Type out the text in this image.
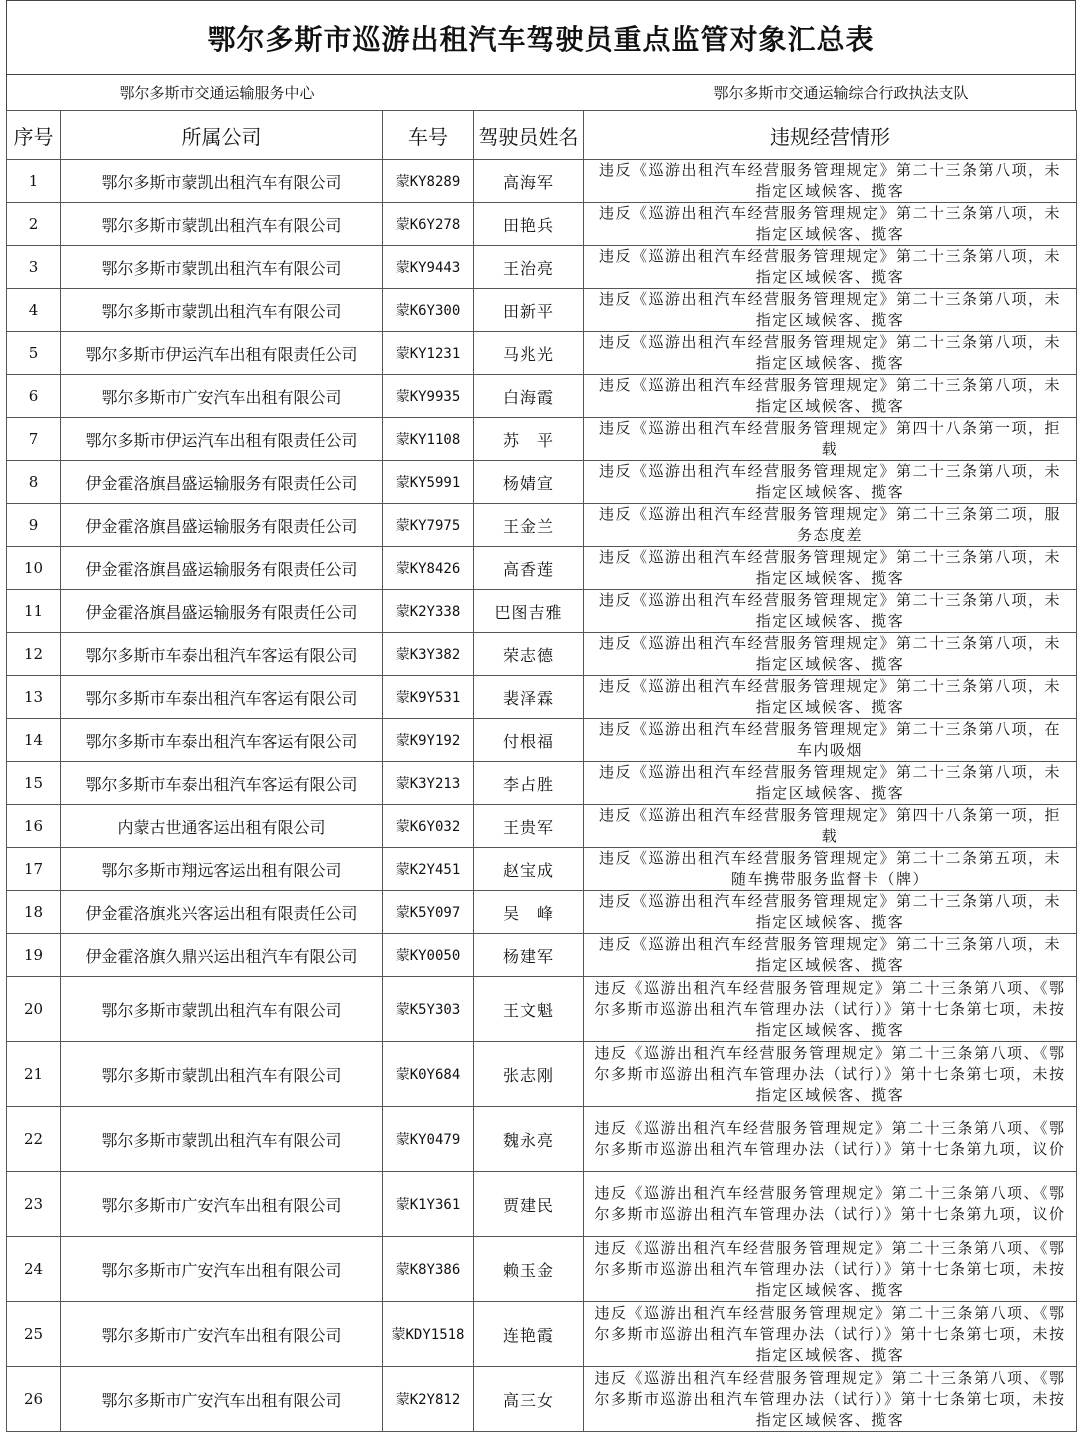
鄂尔多斯市巡游出租汽车驾驶员重点监管对象汇总表
鄂尔多斯市交通运输服务中心	鄂尔多斯市交通运输综合行政执法支队
序号	所属公司	车号	驾驶员姓名	违规经营情形
1	鄂尔多斯市蒙凯出租汽车有限公司	蒙KY8289	高海军	违反《巡游出租汽车经营服务管理规定》第二十三条第八项，未指定区域候客、揽客
2	鄂尔多斯市蒙凯出租汽车有限公司	蒙K6Y278	田艳兵	违反《巡游出租汽车经营服务管理规定》第二十三条第八项，未指定区域候客、揽客
3	鄂尔多斯市蒙凯出租汽车有限公司	蒙KY9443	王治亮	违反《巡游出租汽车经营服务管理规定》第二十三条第八项，未指定区域候客、揽客
4	鄂尔多斯市蒙凯出租汽车有限公司	蒙K6Y300	田新平	违反《巡游出租汽车经营服务管理规定》第二十三条第八项，未指定区域候客、揽客
5	鄂尔多斯市伊运汽车出租有限责任公司	蒙KY1231	马兆光	违反《巡游出租汽车经营服务管理规定》第二十三条第八项，未指定区域候客、揽客
6	鄂尔多斯市广安汽车出租有限公司	蒙KY9935	白海霞	违反《巡游出租汽车经营服务管理规定》第二十三条第八项，未指定区域候客、揽客
7	鄂尔多斯市伊运汽车出租有限责任公司	蒙KY1108	苏　平	违反《巡游出租汽车经营服务管理规定》第四十八条第一项，拒载
8	伊金霍洛旗昌盛运输服务有限责任公司	蒙KY5991	杨婧宣	违反《巡游出租汽车经营服务管理规定》第二十三条第八项，未指定区域候客、揽客
9	伊金霍洛旗昌盛运输服务有限责任公司	蒙KY7975	王金兰	违反《巡游出租汽车经营服务管理规定》第二十三条第二项，服务态度差
10	伊金霍洛旗昌盛运输服务有限责任公司	蒙KY8426	高香莲	违反《巡游出租汽车经营服务管理规定》第二十三条第八项，未指定区域候客、揽客
11	伊金霍洛旗昌盛运输服务有限责任公司	蒙K2Y338	巴图吉雅	违反《巡游出租汽车经营服务管理规定》第二十三条第八项，未指定区域候客、揽客
12	鄂尔多斯市车泰出租汽车客运有限公司	蒙K3Y382	荣志德	违反《巡游出租汽车经营服务管理规定》第二十三条第八项，未指定区域候客、揽客
13	鄂尔多斯市车泰出租汽车客运有限公司	蒙K9Y531	裴泽霖	违反《巡游出租汽车经营服务管理规定》第二十三条第八项，未指定区域候客、揽客
14	鄂尔多斯市车泰出租汽车客运有限公司	蒙K9Y192	付根福	违反《巡游出租汽车经营服务管理规定》第二十三条第八项，在车内吸烟
15	鄂尔多斯市车泰出租汽车客运有限公司	蒙K3Y213	李占胜	违反《巡游出租汽车经营服务管理规定》第二十三条第八项，未指定区域候客、揽客
16	内蒙古世通客运出租有限公司	蒙K6Y032	王贵军	违反《巡游出租汽车经营服务管理规定》第四十八条第一项，拒载
17	鄂尔多斯市翔远客运出租有限公司	蒙K2Y451	赵宝成	违反《巡游出租汽车经营服务管理规定》第二十二条第五项，未随车携带服务监督卡（牌）
18	伊金霍洛旗兆兴客运出租有限责任公司	蒙K5Y097	吴　峰	违反《巡游出租汽车经营服务管理规定》第二十三条第八项，未指定区域候客、揽客
19	伊金霍洛旗久鼎兴运出租汽车有限公司	蒙KY0050	杨建军	违反《巡游出租汽车经营服务管理规定》第二十三条第八项，未指定区域候客、揽客
20	鄂尔多斯市蒙凯出租汽车有限公司	蒙K5Y303	王文魁	违反《巡游出租汽车经营服务管理规定》第二十三条第八项、《鄂尔多斯市巡游出租汽车管理办法（试行）》第十七条第七项，未按指定区域候客、揽客
21	鄂尔多斯市蒙凯出租汽车有限公司	蒙K0Y684	张志刚	违反《巡游出租汽车经营服务管理规定》第二十三条第八项、《鄂尔多斯市巡游出租汽车管理办法（试行）》第十七条第七项，未按指定区域候客、揽客
22	鄂尔多斯市蒙凯出租汽车有限公司	蒙KY0479	魏永亮	违反《巡游出租汽车经营服务管理规定》第二十三条第八项、《鄂尔多斯市巡游出租汽车管理办法（试行）》第十七条第九项，议价
23	鄂尔多斯市广安汽车出租有限公司	蒙K1Y361	贾建民	违反《巡游出租汽车经营服务管理规定》第二十三条第八项、《鄂尔多斯市巡游出租汽车管理办法（试行）》第十七条第九项，议价
24	鄂尔多斯市广安汽车出租有限公司	蒙K8Y386	赖玉金	违反《巡游出租汽车经营服务管理规定》第二十三条第八项、《鄂尔多斯市巡游出租汽车管理办法（试行）》第十七条第七项，未按指定区域候客、揽客
25	鄂尔多斯市广安汽车出租有限公司	蒙KDY1518	连艳霞	违反《巡游出租汽车经营服务管理规定》第二十三条第八项、《鄂尔多斯市巡游出租汽车管理办法（试行）》第十七条第七项，未按指定区域候客、揽客
26	鄂尔多斯市广安汽车出租有限公司	蒙K2Y812	高三女	违反《巡游出租汽车经营服务管理规定》第二十三条第八项、《鄂尔多斯市巡游出租汽车管理办法（试行）》第十七条第七项，未按指定区域候客、揽客
